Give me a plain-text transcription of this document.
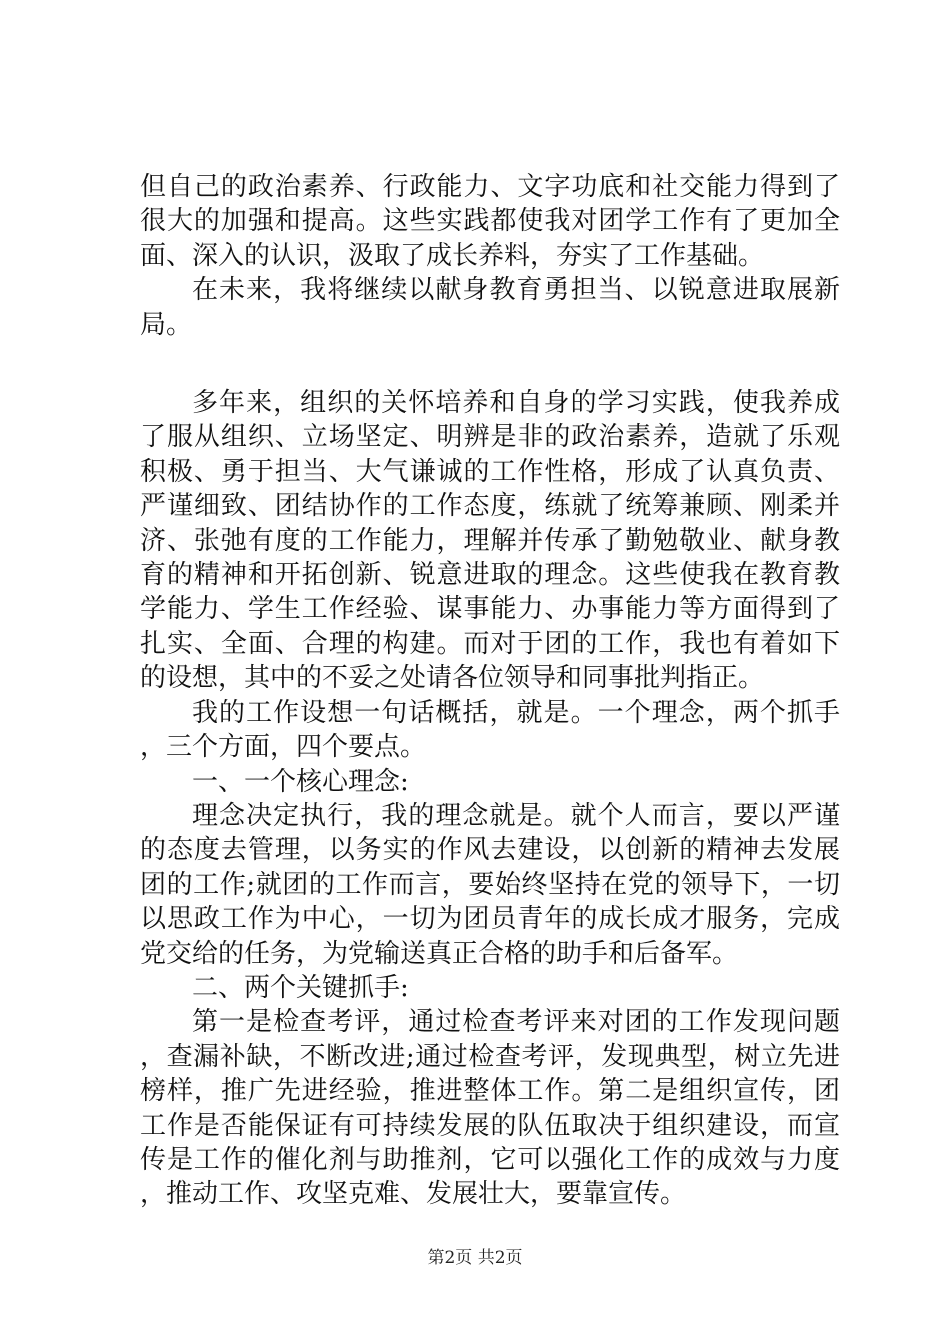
但自己的政治素养、行政能力、文字功底和社交能力得到了很大的加强和提高。这些实践都使我对团学工作有了更加全面、深入的认识，汲取了成长养料，夯实了工作基础。

在未来，我将继续以献身教育勇担当、以锐意进取展新局。

多年来，组织的关怀培养和自身的学习实践，使我养成了服从组织、立场坚定、明辨是非的政治素养，造就了乐观积极、勇于担当、大气谦诚的工作性格，形成了认真负责、严谨细致、团结协作的工作态度，练就了统筹兼顾、刚柔并济、张弛有度的工作能力，理解并传承了勤勉敬业、献身教育的精神和开拓创新、锐意进取的理念。这些使我在教育教学能力、学生工作经验、谋事能力、办事能力等方面得到了扎实、全面、合理的构建。而对于团的工作，我也有着如下的设想，其中的不妥之处请各位领导和同事批判指正。

我的工作设想一句话概括，就是。一个理念，两个抓手，三个方面，四个要点。

一、一个核心理念:

理念决定执行，我的理念就是。就个人而言，要以严谨的态度去管理，以务实的作风去建设，以创新的精神去发展团的工作;就团的工作而言，要始终坚持在党的领导下，一切以思政工作为中心，一切为团员青年的成长成才服务，完成党交给的任务，为党输送真正合格的助手和后备军。

二、两个关键抓手:

第一是检查考评，通过检查考评来对团的工作发现问题，查漏补缺，不断改进;通过检查考评，发现典型，树立先进榜样，推广先进经验，推进整体工作。第二是组织宣传，团工作是否能保证有可持续发展的队伍取决于组织建设，而宣传是工作的催化剂与助推剂，它可以强化工作的成效与力度，推动工作、攻坚克难、发展壮大，要靠宣传。

第2页 共2页
